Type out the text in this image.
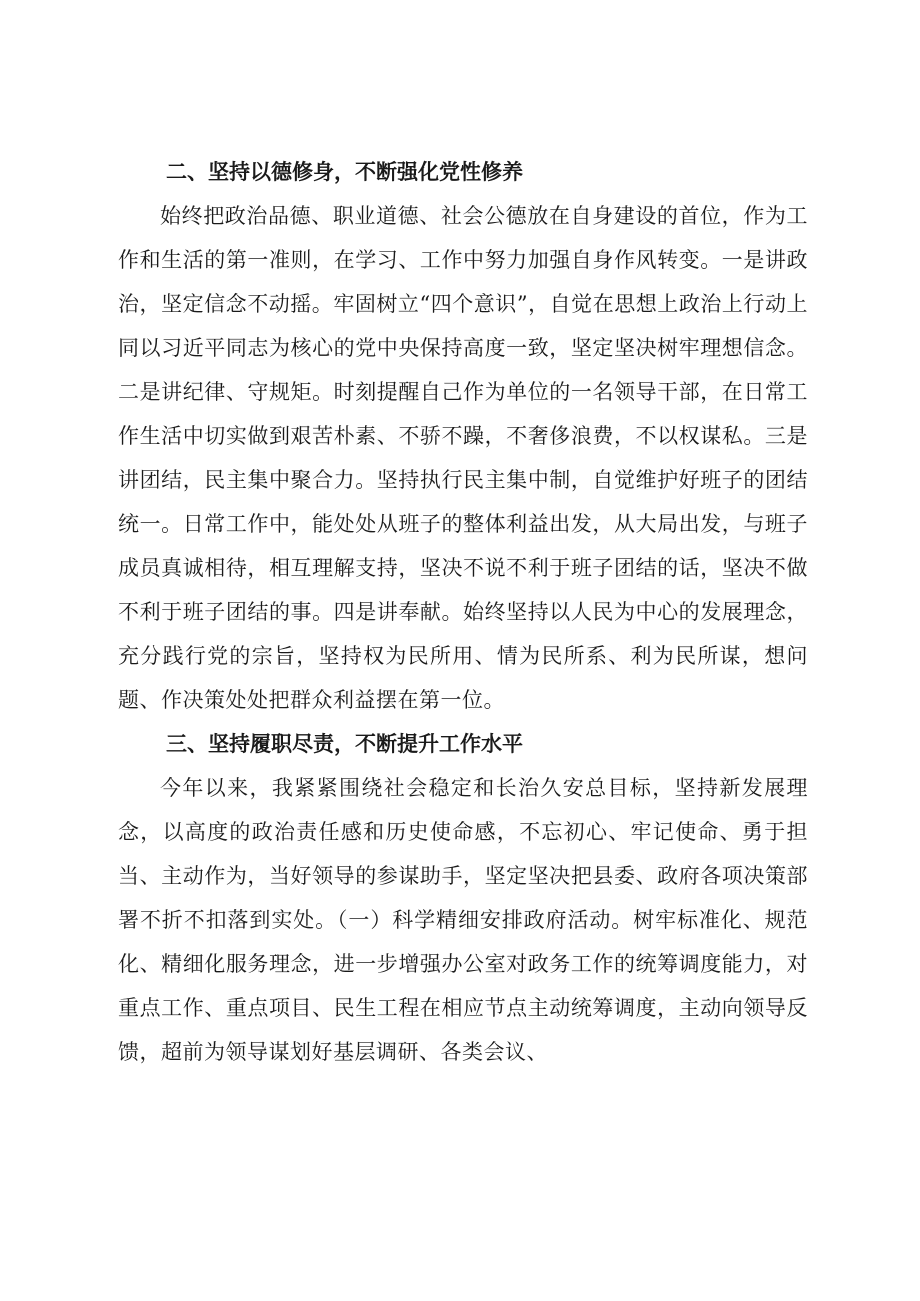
二、坚持以德修身，不断强化党性修养

始终把政治品德、职业道德、社会公德放在自身建设的首位，作为工作和生活的第一准则，在学习、工作中努力加强自身作风转变。一是讲政治，坚定信念不动摇。牢固树立“四个意识”，自觉在思想上政治上行动上同以习近平同志为核心的党中央保持高度一致，坚定坚决树牢理想信念。二是讲纪律、守规矩。时刻提醒自己作为单位的一名领导干部，在日常工作生活中切实做到艰苦朴素、不骄不躁，不奢侈浪费，不以权谋私。三是讲团结，民主集中聚合力。坚持执行民主集中制，自觉维护好班子的团结统一。日常工作中，能处处从班子的整体利益出发，从大局出发，与班子成员真诚相待，相互理解支持，坚决不说不利于班子团结的话，坚决不做不利于班子团结的事。四是讲奉献。始终坚持以人民为中心的发展理念，充分践行党的宗旨，坚持权为民所用、情为民所系、利为民所谋，想问题、作决策处处把群众利益摆在第一位。

三、坚持履职尽责，不断提升工作水平

今年以来，我紧紧围绕社会稳定和长治久安总目标，坚持新发展理念，以高度的政治责任感和历史使命感，不忘初心、牢记使命、勇于担当、主动作为，当好领导的参谋助手，坚定坚决把县委、政府各项决策部署不折不扣落到实处。（一）科学精细安排政府活动。树牢标准化、规范化、精细化服务理念，进一步增强办公室对政务工作的统筹调度能力，对重点工作、重点项目、民生工程在相应节点主动统筹调度，主动向领导反馈，超前为领导谋划好基层调研、各类会议、
